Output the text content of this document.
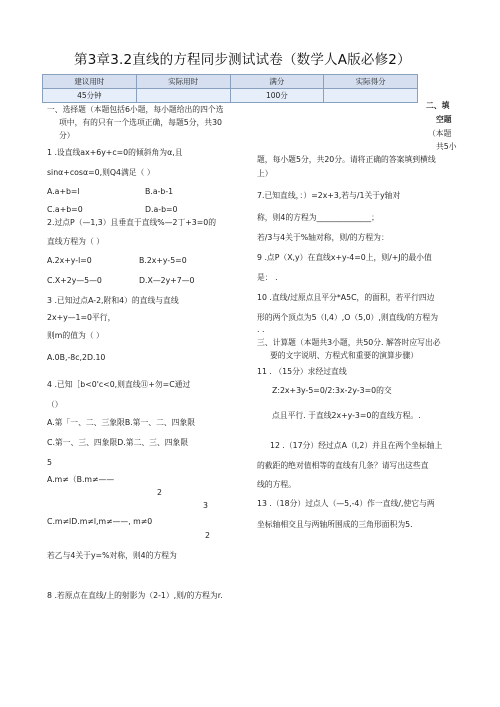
第3章3.2直线的方程同步测试试卷（数学人A版必修2）
建议用时	实际用时	满分	实际得分
45分钟		100分	
二、填
空题
（本题
共5小
一、选择题（本题包括6小题，每小题给出的四个选
项中，有的只有一个选项正确，每题5分，共30
分）
1 .设直线ax+6y+c=0的倾斜角为α,且
sinα+cosα=0,则Q4满足（ ）
A.a+b=l	B.a-b-1
C.a+b=0	D.a-b=0
2.过点P（—1,3）且垂直于直线%—2丁+3=0的
直线方程为（ ）
A.2x+y-l=0	B.2x+y-5=0
C.X+2y—5—0	D.X—2y+7—0
3 .已知过点A-2,附和4）的直线与直线
2x+y—1=0平行，
则m的值为（ ）
A.0B,-8c,2D.10
4 .已知［b<0'c<0,则直线⑪+勿=C通过
（）
A.第「一、二、三象限B.第一、二、四象限
C.第一、三、四象限D.第二、三、四象限
5
A.m≠（B.m≠——
2
3
C.m≠lD.m≠l,m≠——, m≠0
2
若乙与4关于y=%对称，则4的方程为
8 .若原点在直线/上的射影为（2-1）,则/的方程为r.
题，每小题5分，共20分。请将正确的答案填到横线
上）
7.已知直线，：）=2x+3,若与/1关于y轴对
称，则4的方程为______________；
若/3与4关于%轴对称，则/的方程为：
9 .点P（X,y）在直线x+y-4=0上，则/+J的最小值
是： .
10 .直线/过原点且平分*A5C，的面积，若平行四边
形的两个顶点为5（l,4）,O（5,0）,则直线/的方程为
. .
三、计算题（本题共3小题，共50分. 解答时应写出必
要的文字说明、方程式和重要的演算步骤）
11 . （15分）求经过直线
Z:2x+3y-5=0/2:3x-2y-3=0的交
点且平行. 于直线2x+y-3=0的直线方程。.
12 .（17分）经过点A（l,2）并且在两个坐标轴上
的截距的绝对值相等的直线有几条？请写出这些直
线的方程。
13 .（18分）过点人（—5,-4）作一直线/,使它与两
坐标轴相交且与两轴所围成的三角形面积为5.
